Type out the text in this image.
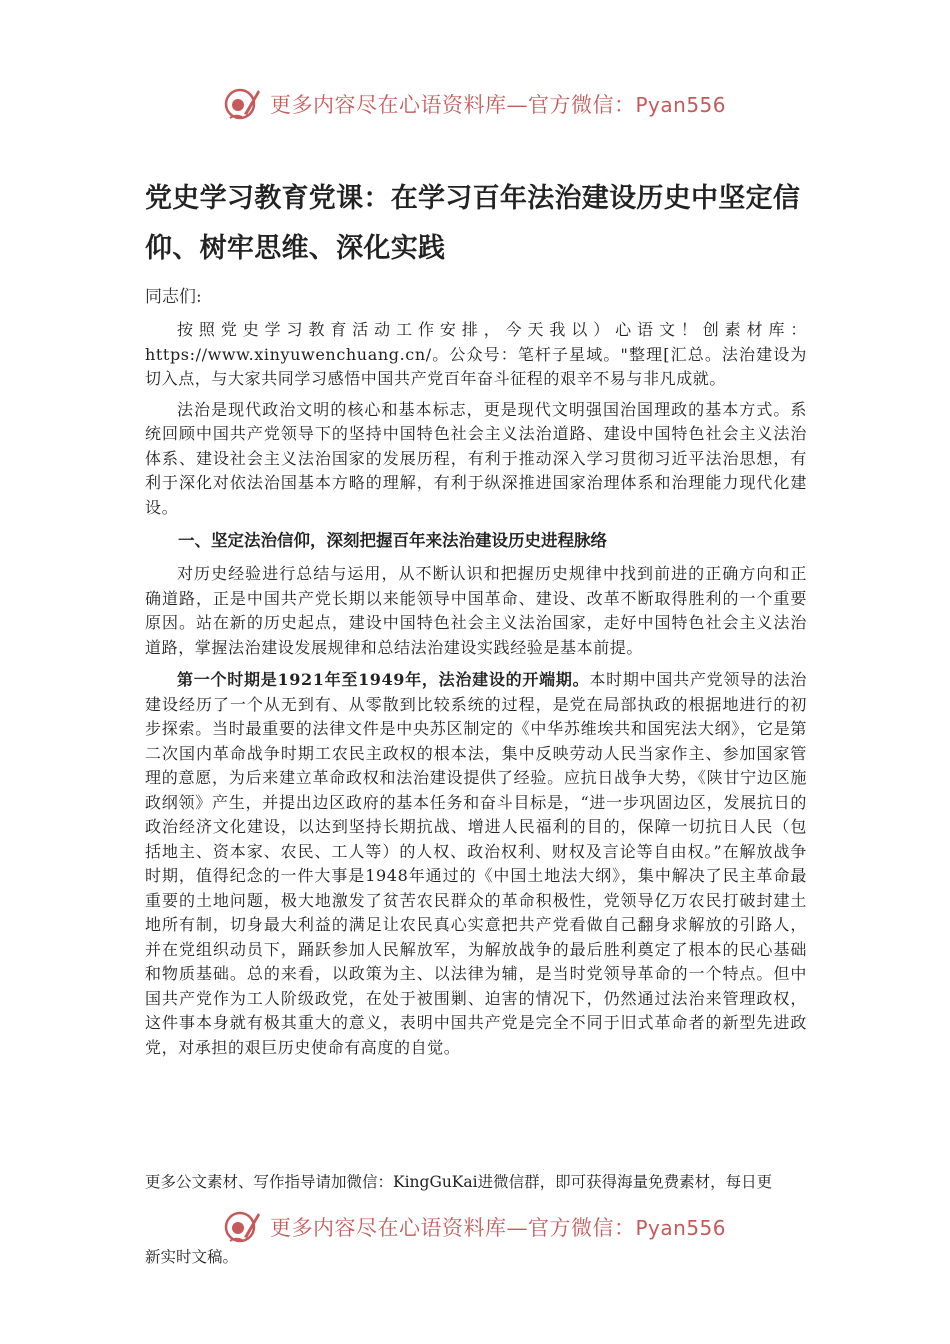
更多内容尽在心语资料库—官方微信：Pyan556
党史学习教育党课：在学习百年法治建设历史中坚定信仰、树牢思维、深化实践
同志们:

按照党史学习教育活动工作安排，今天我以）心语文！创素材库：https://www.xinyuwenchuang.cn/。公众号：笔杆子星域。"整理[汇总。法治建设为切入点，与大家共同学习感悟中国共产党百年奋斗征程的艰辛不易与非凡成就。

法治是现代政治文明的核心和基本标志，更是现代文明强国治国理政的基本方式。系统回顾中国共产党领导下的坚持中国特色社会主义法治道路、建设中国特色社会主义法治体系、建设社会主义法治国家的发展历程，有利于推动深入学习贯彻习近平法治思想，有利于深化对依法治国基本方略的理解，有利于纵深推进国家治理体系和治理能力现代化建设。

一、坚定法治信仰，深刻把握百年来法治建设历史进程脉络

对历史经验进行总结与运用，从不断认识和把握历史规律中找到前进的正确方向和正确道路，正是中国共产党长期以来能领导中国革命、建设、改革不断取得胜利的一个重要原因。站在新的历史起点，建设中国特色社会主义法治国家，走好中国特色社会主义法治道路，掌握法治建设发展规律和总结法治建设实践经验是基本前提。

第一个时期是1921年至1949年，法治建设的开端期。本时期中国共产党领导的法治建设经历了一个从无到有、从零散到比较系统的过程，是党在局部执政的根据地进行的初步探索。当时最重要的法律文件是中央苏区制定的《中华苏维埃共和国宪法大纲》，它是第二次国内革命战争时期工农民主政权的根本法，集中反映劳动人民当家作主、参加国家管理的意愿，为后来建立革命政权和法治建设提供了经验。应抗日战争大势，《陕甘宁边区施政纲领》产生，并提出边区政府的基本任务和奋斗目标是，“进一步巩固边区，发展抗日的政治经济文化建设，以达到坚持长期抗战、增进人民福利的目的，保障一切抗日人民（包括地主、资本家、农民、工人等）的人权、政治权利、财权及言论等自由权。”在解放战争时期，值得纪念的一件大事是1948年通过的《中国土地法大纲》，集中解决了民主革命最重要的土地问题，极大地激发了贫苦农民群众的革命积极性，党领导亿万农民打破封建土地所有制，切身最大利益的满足让农民真心实意把共产党看做自己翻身求解放的引路人，并在党组织动员下，踊跃参加人民解放军，为解放战争的最后胜利奠定了根本的民心基础和物质基础。总的来看，以政策为主、以法律为辅，是当时党领导革命的一个特点。但中国共产党作为工人阶级政党，在处于被围剿、迫害的情况下，仍然通过法治来管理政权，这件事本身就有极其重大的意义，表明中国共产党是完全不同于旧式革命者的新型先进政党，对承担的艰巨历史使命有高度的自觉。

更多公文素材、写作指导请加微信：KingGuKai进微信群，即可获得海量免费素材，每日更
更多内容尽在心语资料库—官方微信：Pyan556
新实时文稿。
